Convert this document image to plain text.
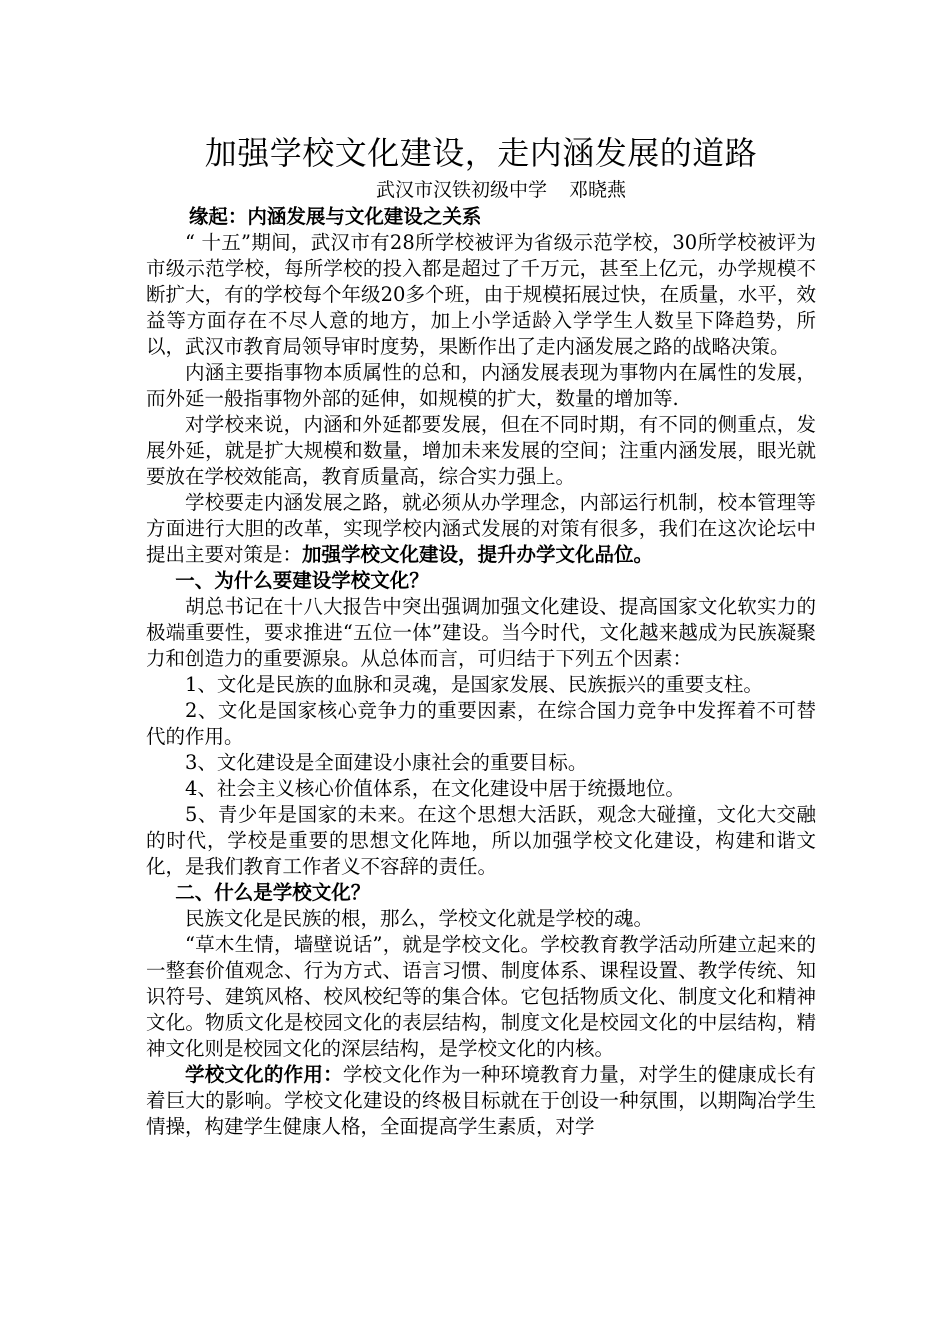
加强学校文化建设，走内涵发展的道路
武汉市汉铁初级中学 邓晓燕

缘起：内涵发展与文化建设之关系

“ 十五”期间，武汉市有28所学校被评为省级示范学校，30所学校被评为市级示范学校，每所学校的投入都是超过了千万元，甚至上亿元，办学规模不断扩大，有的学校每个年级20多个班，由于规模拓展过快，在质量，水平，效益等方面存在不尽人意的地方，加上小学适龄入学学生人数呈下降趋势，所以，武汉市教育局领导审时度势，果断作出了走内涵发展之路的战略决策。

内涵主要指事物本质属性的总和，内涵发展表现为事物内在属性的发展，而外延一般指事物外部的延伸，如规模的扩大，数量的增加等.

对学校来说，内涵和外延都要发展，但在不同时期，有不同的侧重点，发展外延，就是扩大规模和数量，增加未来发展的空间；注重内涵发展，眼光就要放在学校效能高，教育质量高，综合实力强上。

学校要走内涵发展之路，就必须从办学理念，内部运行机制，校本管理等方面进行大胆的改革，实现学校内涵式发展的对策有很多，我们在这次论坛中提出主要对策是：加强学校文化建设，提升办学文化品位。

一、为什么要建设学校文化？

胡总书记在十八大报告中突出强调加强文化建设、提高国家文化软实力的极端重要性，要求推进“五位一体”建设。当今时代，文化越来越成为民族凝聚力和创造力的重要源泉。从总体而言，可归结于下列五个因素：

1、文化是民族的血脉和灵魂，是国家发展、民族振兴的重要支柱。

2、文化是国家核心竞争力的重要因素，在综合国力竞争中发挥着不可替代的作用。

3、文化建设是全面建设小康社会的重要目标。

4、社会主义核心价值体系，在文化建设中居于统摄地位。

5、青少年是国家的未来。在这个思想大活跃，观念大碰撞，文化大交融的时代，学校是重要的思想文化阵地，所以加强学校文化建设，构建和谐文化，是我们教育工作者义不容辞的责任。

二、什么是学校文化？

民族文化是民族的根，那么，学校文化就是学校的魂。

“草木生情，墙壁说话”，就是学校文化。学校教育教学活动所建立起来的一整套价值观念、行为方式、语言习惯、制度体系、课程设置、教学传统、知识符号、建筑风格、校风校纪等的集合体。它包括物质文化、制度文化和精神文化。物质文化是校园文化的表层结构，制度文化是校园文化的中层结构，精神文化则是校园文化的深层结构，是学校文化的内核。

学校文化的作用：学校文化作为一种环境教育力量，对学生的健康成长有着巨大的影响。学校文化建设的终极目标就在于创设一种氛围，以期陶冶学生情操，构建学生健康人格，全面提高学生素质，对学
